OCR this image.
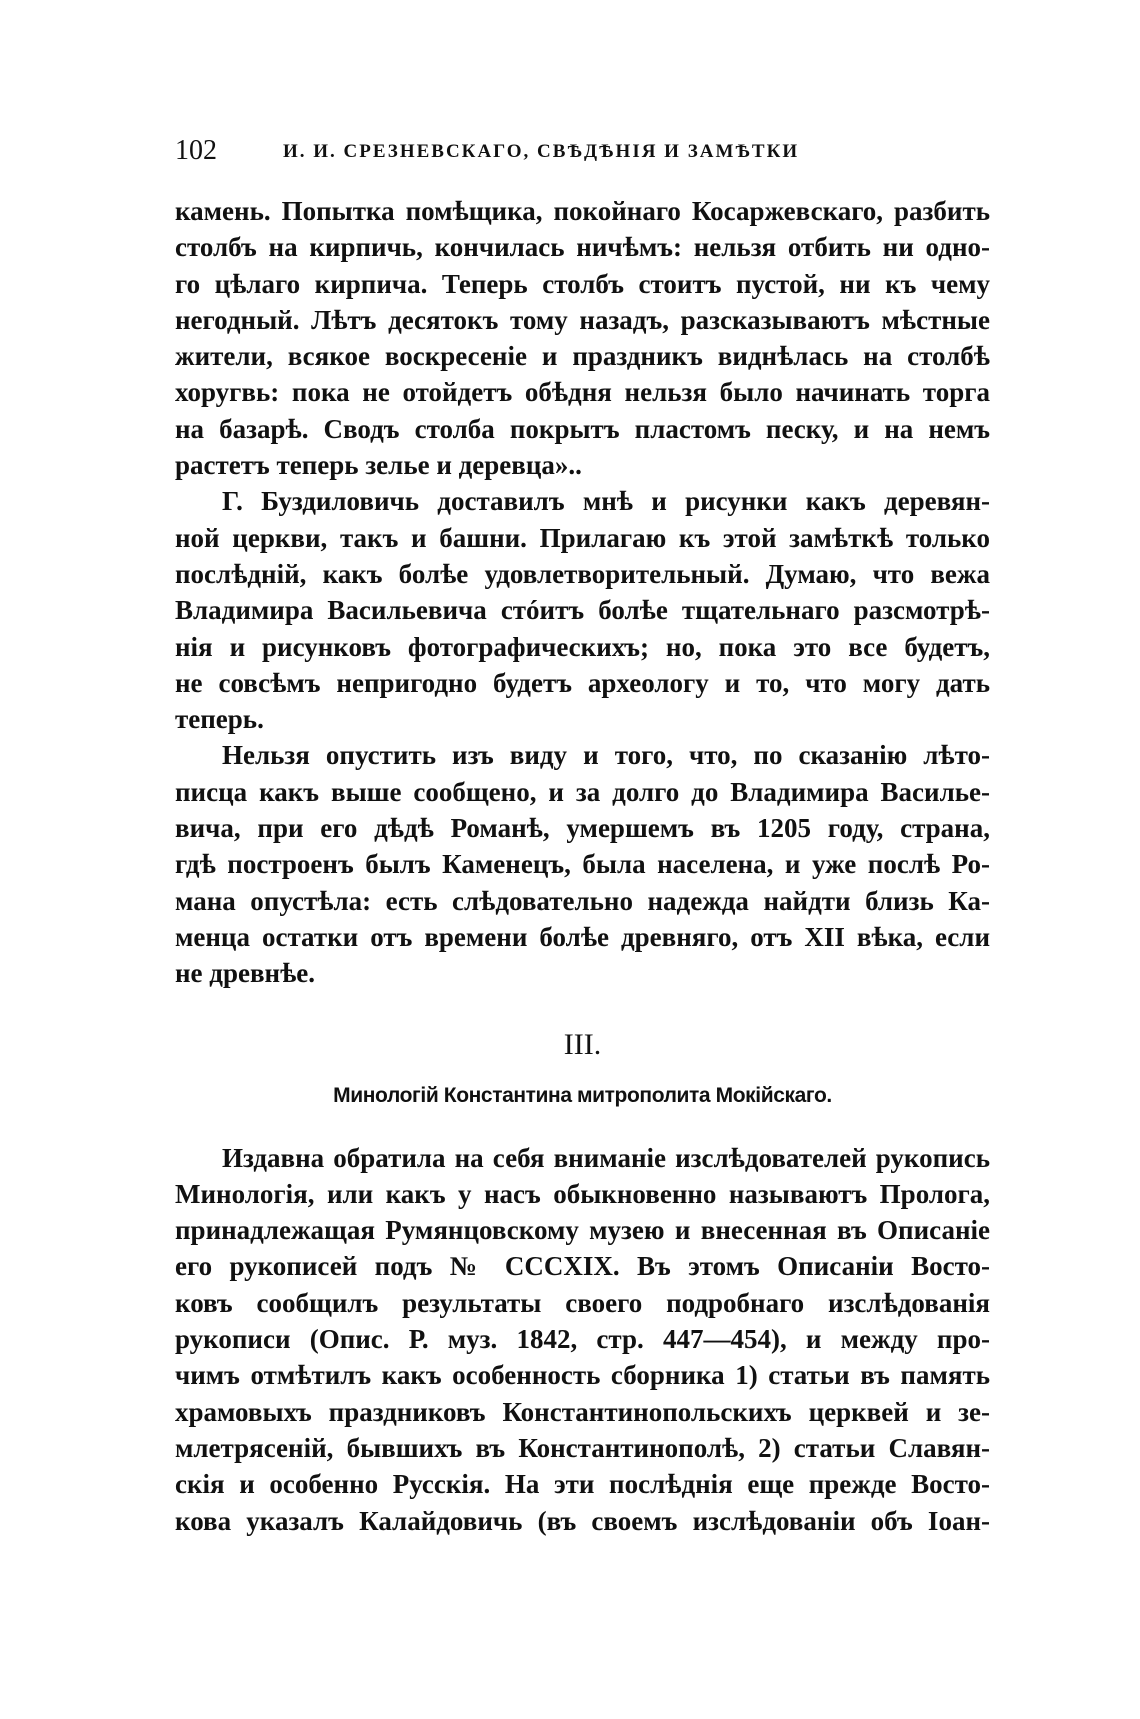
102	И. И. СРЕЗНЕВСКАГО, СВѢДѢНІЯ И ЗАМѢТКИ
камень. Попытка помѣщика, покойнаго Косаржевскаго, разбить
столбъ на кирпичь, кончилась ничѣмъ: нельзя отбить ни одно-
го цѣлаго кирпича. Теперь столбъ стоитъ пустой, ни къ чему
негодный. Лѣтъ десятокъ тому назадъ, разсказываютъ мѣстные
жители, всякое воскресеніе и праздникъ виднѣлась на столбѣ
хоругвь: пока не отойдетъ обѣдня нельзя было начинать торга
на базарѣ. Сводъ столба покрытъ пластомъ песку, и на немъ
растетъ теперь зелье и деревца»..
Г. Буздиловичь доставилъ мнѣ и рисунки какъ деревян-
ной церкви, такъ и башни. Прилагаю къ этой замѣткѣ только
послѣдній, какъ болѣе удовлетворительный. Думаю, что вежа
Владимира Васильевича стóитъ болѣе тщательнаго разсмотрѣ-
нія и рисунковъ фотографическихъ; но, пока это все будетъ,
не совсѣмъ непригодно будетъ археологу и то, что могу дать
теперь.
Нельзя опустить изъ виду и того, что, по сказанію лѣто-
писца какъ выше сообщено, и за долго до Владимира Василье-
вича, при его дѣдѣ Романѣ, умершемъ въ 1205 году, страна,
гдѣ построенъ былъ Каменецъ, была населена, и уже послѣ Ро-
мана опустѣла: есть слѣдовательно надежда найдти близь Ка-
менца остатки отъ времени болѣе древняго, отъ XII вѣка, если
не древнѣе.
III.
Минологій Константина митрополита Мокійскаго.
Издавна обратила на себя вниманіе изслѣдователей рукопись
Минологія, или какъ у насъ обыкновенно называютъ Пролога,
принадлежащая Румянцовскому музею и внесенная въ Описаніе
его рукописей подъ № CCCXIX. Въ этомъ Описаніи Восто-
ковъ сообщилъ результаты своего подробнаго изслѣдованія
рукописи (Опис. Р. муз. 1842, стр. 447—454), и между про-
чимъ отмѣтилъ какъ особенность сборника 1) статьи въ память
храмовыхъ праздниковъ Константинопольскихъ церквей и зе-
млетрясеній, бывшихъ въ Константинополѣ, 2) статьи Славян-
скія и особенно Русскія. На эти послѣднія еще прежде Восто-
кова указалъ Калайдовичь (въ своемъ изслѣдованіи объ Іоан-
